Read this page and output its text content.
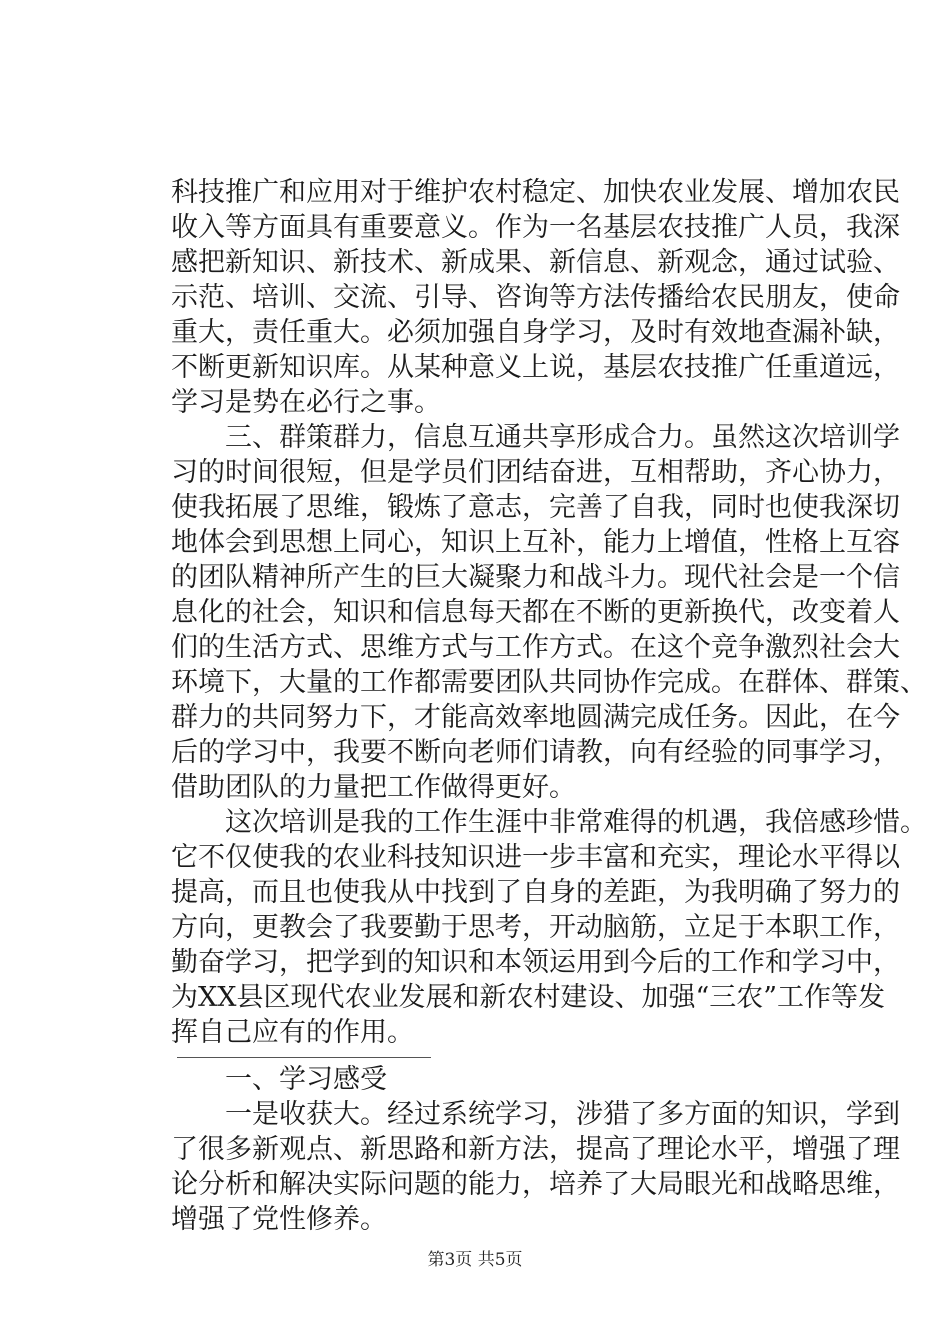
科技推广和应用对于维护农村稳定、加快农业发展、增加农民

收入等方面具有重要意义。作为一名基层农技推广人员，我深

感把新知识、新技术、新成果、新信息、新观念，通过试验、

示范、培训、交流、引导、咨询等方法传播给农民朋友，使命

重大，责任重大。必须加强自身学习，及时有效地查漏补缺，

不断更新知识库。从某种意义上说，基层农技推广任重道远，

学习是势在必行之事。

三、群策群力，信息互通共享形成合力。虽然这次培训学

习的时间很短，但是学员们团结奋进，互相帮助，齐心协力，

使我拓展了思维，锻炼了意志，完善了自我，同时也使我深切

地体会到思想上同心，知识上互补，能力上增值，性格上互容

的团队精神所产生的巨大凝聚力和战斗力。现代社会是一个信

息化的社会，知识和信息每天都在不断的更新换代，改变着人

们的生活方式、思维方式与工作方式。在这个竞争激烈社会大

环境下，大量的工作都需要团队共同协作完成。在群体、群策、

群力的共同努力下，才能高效率地圆满完成任务。因此，在今

后的学习中，我要不断向老师们请教，向有经验的同事学习，

借助团队的力量把工作做得更好。

这次培训是我的工作生涯中非常难得的机遇，我倍感珍惜。

它不仅使我的农业科技知识进一步丰富和充实，理论水平得以

提高，而且也使我从中找到了自身的差距，为我明确了努力的

方向，更教会了我要勤于思考，开动脑筋，立足于本职工作，

勤奋学习，把学到的知识和本领运用到今后的工作和学习中，

为XX县区现代农业发展和新农村建设、加强“三农”工作等发

挥自己应有的作用。

一、学习感受

一是收获大。经过系统学习，涉猎了多方面的知识，学到

了很多新观点、新思路和新方法，提高了理论水平，增强了理

论分析和解决实际问题的能力，培养了大局眼光和战略思维，

增强了党性修养。

第3页 共5页
